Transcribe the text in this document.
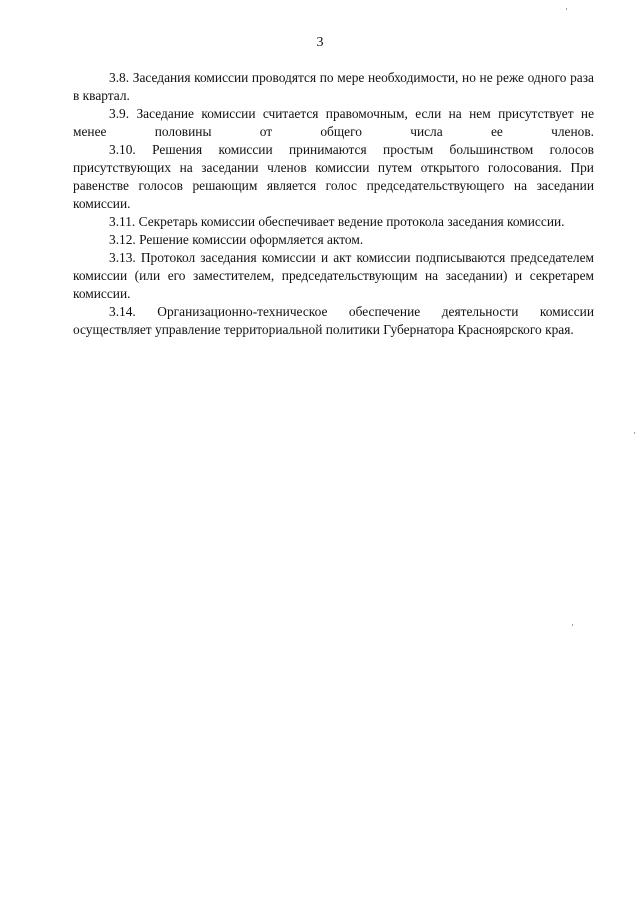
3

3.8. Заседания комиссии проводятся по мере необходимости, но не реже одного раза в квартал.

3.9. Заседание комиссии считается правомочным, если на нем присутствует не менее половины от общего числа ее членов.

3.10. Решения комиссии принимаются простым большинством голосов присутствующих на заседании членов комиссии путем открытого голосования. При равенстве голосов решающим является голос председательствующего на заседании комиссии.

3.11. Секретарь комиссии обеспечивает ведение протокола заседания комиссии.

3.12. Решение комиссии оформляется актом.

3.13. Протокол заседания комиссии и акт комиссии подписываются председателем комиссии (или его заместителем, председательствующим на заседании) и секретарем комиссии.

3.14. Организационно-техническое обеспечение деятельности комиссии осуществляет управление территориальной политики Губернатора Красноярского края.
